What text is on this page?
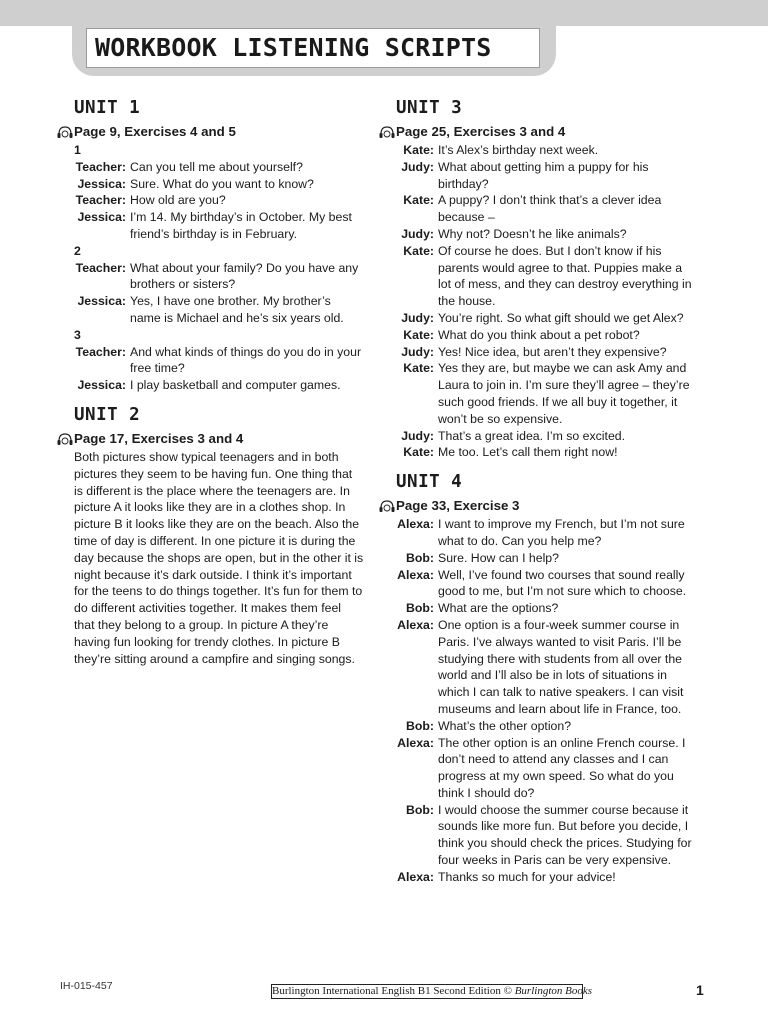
WORKBOOK LISTENING SCRIPTS
UNIT 1
Page 9, Exercises 4 and 5
1
Teacher: Can you tell me about yourself?
Jessica: Sure. What do you want to know?
Teacher: How old are you?
Jessica: I’m 14. My birthday’s in October. My best friend’s birthday is in February.
2
Teacher: What about your family? Do you have any brothers or sisters?
Jessica: Yes, I have one brother. My brother’s name is Michael and he’s six years old.
3
Teacher: And what kinds of things do you do in your free time?
Jessica: I play basketball and computer games.
UNIT 2
Page 17, Exercises 3 and 4
Both pictures show typical teenagers and in both pictures they seem to be having fun. One thing that is different is the place where the teenagers are. In picture A it looks like they are in a clothes shop. In picture B it looks like they are on the beach. Also the time of day is different. In one picture it is during the day because the shops are open, but in the other it is night because it’s dark outside. I think it’s important for the teens to do things together. It’s fun for them to do different activities together. It makes them feel that they belong to a group. In picture A they’re having fun looking for trendy clothes. In picture B they’re sitting around a campfire and singing songs.
UNIT 3
Page 25, Exercises 3 and 4
Kate: It’s Alex’s birthday next week.
Judy: What about getting him a puppy for his birthday?
Kate: A puppy? I don’t think that’s a clever idea because –
Judy: Why not? Doesn’t he like animals?
Kate: Of course he does. But I don’t know if his parents would agree to that. Puppies make a lot of mess, and they can destroy everything in the house.
Judy: You’re right. So what gift should we get Alex?
Kate: What do you think about a pet robot?
Judy: Yes! Nice idea, but aren’t they expensive?
Kate: Yes they are, but maybe we can ask Amy and Laura to join in. I’m sure they’ll agree – they’re such good friends. If we all buy it together, it won’t be so expensive.
Judy: That’s a great idea. I’m so excited.
Kate: Me too. Let’s call them right now!
UNIT 4
Page 33, Exercise 3
Alexa: I want to improve my French, but I’m not sure what to do. Can you help me?
Bob: Sure. How can I help?
Alexa: Well, I’ve found two courses that sound really good to me, but I’m not sure which to choose.
Bob: What are the options?
Alexa: One option is a four-week summer course in Paris. I’ve always wanted to visit Paris. I’ll be studying there with students from all over the world and I’ll also be in lots of situations in which I can talk to native speakers. I can visit museums and learn about life in France, too.
Bob: What’s the other option?
Alexa: The other option is an online French course. I don’t need to attend any classes and I can progress at my own speed. So what do you think I should do?
Bob: I would choose the summer course because it sounds like more fun. But before you decide, I think you should check the prices. Studying for four weeks in Paris can be very expensive.
Alexa: Thanks so much for your advice!
IH-015-457	Burlington International English B1 Second Edition © Burlington Books	1
